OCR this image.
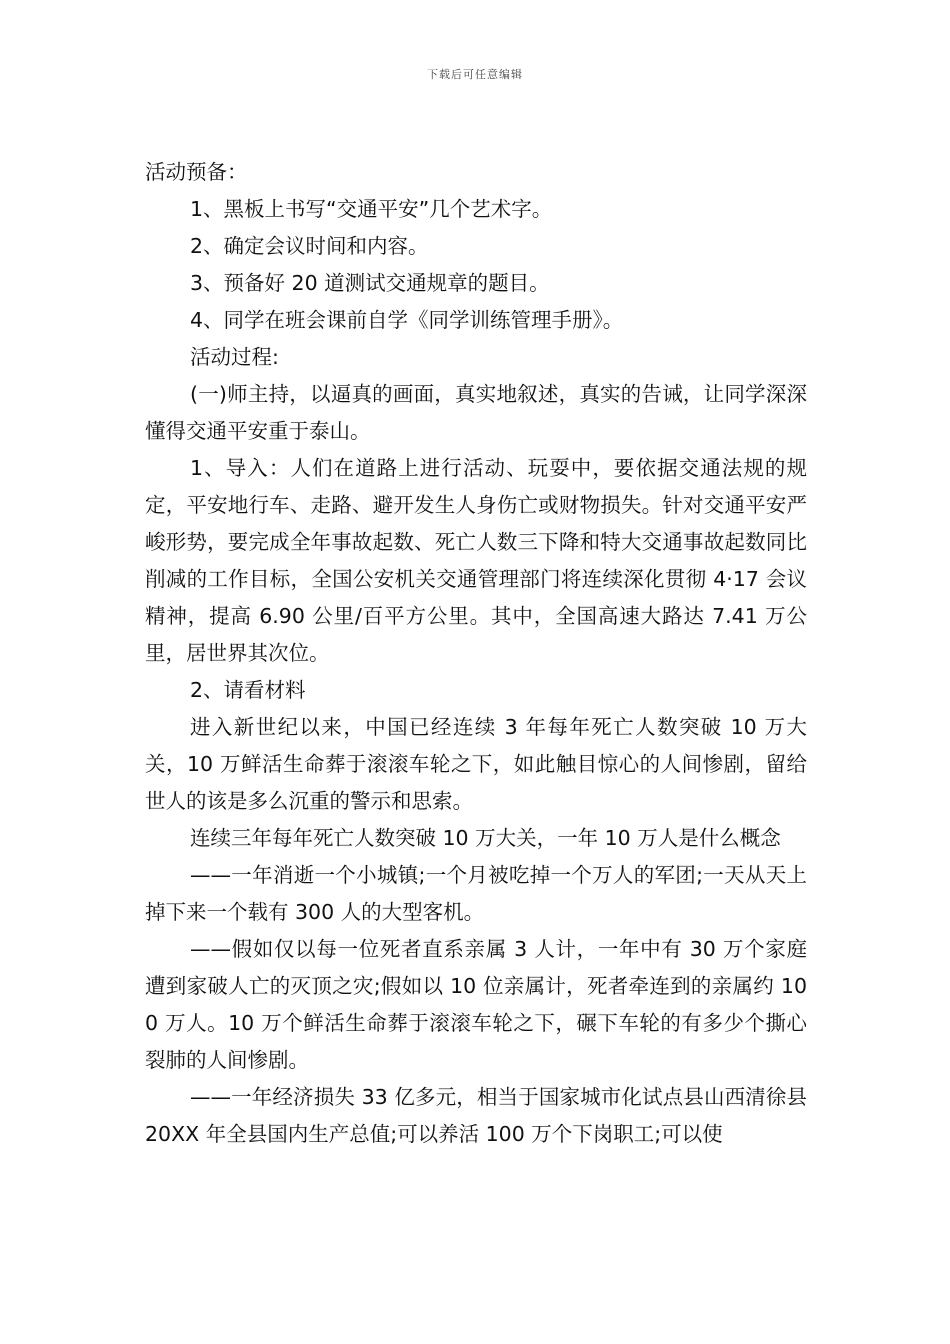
下载后可任意编辑

活动预备：

1、黑板上书写“交通平安”几个艺术字。

2、确定会议时间和内容。

3、预备好 20 道测试交通规章的题目。

4、同学在班会课前自学《同学训练管理手册》。

活动过程:

(一)师主持，以逼真的画面，真实地叙述，真实的告诫，让同学深深懂得交通平安重于泰山。

1、导入：人们在道路上进行活动、玩耍中，要依据交通法规的规定，平安地行车、走路、避开发生人身伤亡或财物损失。针对交通平安严峻形势，要完成全年事故起数、死亡人数三下降和特大交通事故起数同比削减的工作目标，全国公安机关交通管理部门将连续深化贯彻 4·17 会议精神，提高 6.90 公里/百平方公里。其中，全国高速大路达 7.41 万公里，居世界其次位。

2、请看材料

进入新世纪以来，中国已经连续 3 年每年死亡人数突破 10 万大关，10 万鲜活生命葬于滚滚车轮之下，如此触目惊心的人间惨剧，留给世人的该是多么沉重的警示和思索。

连续三年每年死亡人数突破 10 万大关，一年 10 万人是什么概念

——一年消逝一个小城镇;一个月被吃掉一个万人的军团;一天从天上掉下来一个载有 300 人的大型客机。

——假如仅以每一位死者直系亲属 3 人计，一年中有 30 万个家庭遭到家破人亡的灭顶之灾;假如以 10 位亲属计，死者牵连到的亲属约 100 万人。10 万个鲜活生命葬于滚滚车轮之下，碾下车轮的有多少个撕心裂肺的人间惨剧。

——一年经济损失 33 亿多元，相当于国家城市化试点县山西清徐县 20XX 年全县国内生产总值;可以养活 100 万个下岗职工;可以使
